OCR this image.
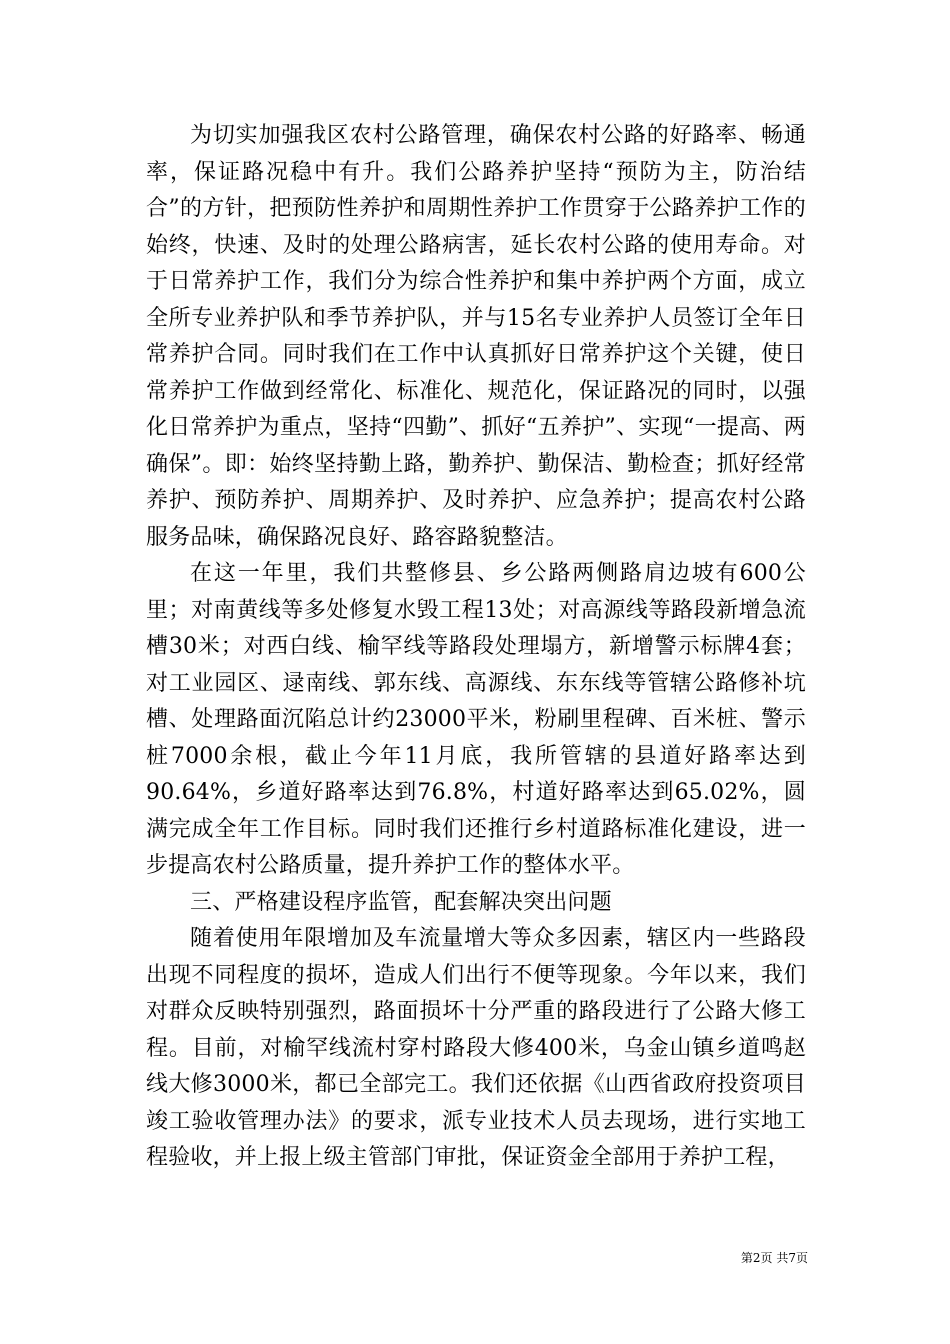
为切实加强我区农村公路管理，确保农村公路的好路率、畅通率，保证路况稳中有升。我们公路养护坚持“预防为主，防治结合”的方针，把预防性养护和周期性养护工作贯穿于公路养护工作的始终，快速、及时的处理公路病害，延长农村公路的使用寿命。对于日常养护工作，我们分为综合性养护和集中养护两个方面，成立全所专业养护队和季节养护队，并与15名专业养护人员签订全年日常养护合同。同时我们在工作中认真抓好日常养护这个关键，使日常养护工作做到经常化、标准化、规范化，保证路况的同时，以强化日常养护为重点，坚持“四勤”、抓好“五养护”、实现“一提高、两确保”。即：始终坚持勤上路，勤养护、勤保洁、勤检查；抓好经常养护、预防养护、周期养护、及时养护、应急养护；提高农村公路服务品味，确保路况良好、路容路貌整洁。

在这一年里，我们共整修县、乡公路两侧路肩边坡有600公里；对南黄线等多处修复水毁工程13处；对高源线等路段新增急流槽30米；对西白线、榆罕线等路段处理塌方，新增警示标牌4套；对工业园区、逯南线、郭东线、高源线、东东线等管辖公路修补坑槽、处理路面沉陷总计约23000平米，粉刷里程碑、百米桩、警示桩7000余根，截止今年11月底，我所管辖的县道好路率达到90.64%，乡道好路率达到76.8%，村道好路率达到65.02%，圆满完成全年工作目标。同时我们还推行乡村道路标准化建设，进一步提高农村公路质量，提升养护工作的整体水平。

三、严格建设程序监管，配套解决突出问题

随着使用年限增加及车流量增大等众多因素，辖区内一些路段出现不同程度的损坏，造成人们出行不便等现象。今年以来，我们对群众反映特别强烈，路面损坏十分严重的路段进行了公路大修工程。目前，对榆罕线流村穿村路段大修400米，乌金山镇乡道鸣赵线大修3000米，都已全部完工。我们还依据《山西省政府投资项目竣工验收管理办法》的要求，派专业技术人员去现场，进行实地工程验收，并上报上级主管部门审批，保证资金全部用于养护工程，

第2页 共7页
